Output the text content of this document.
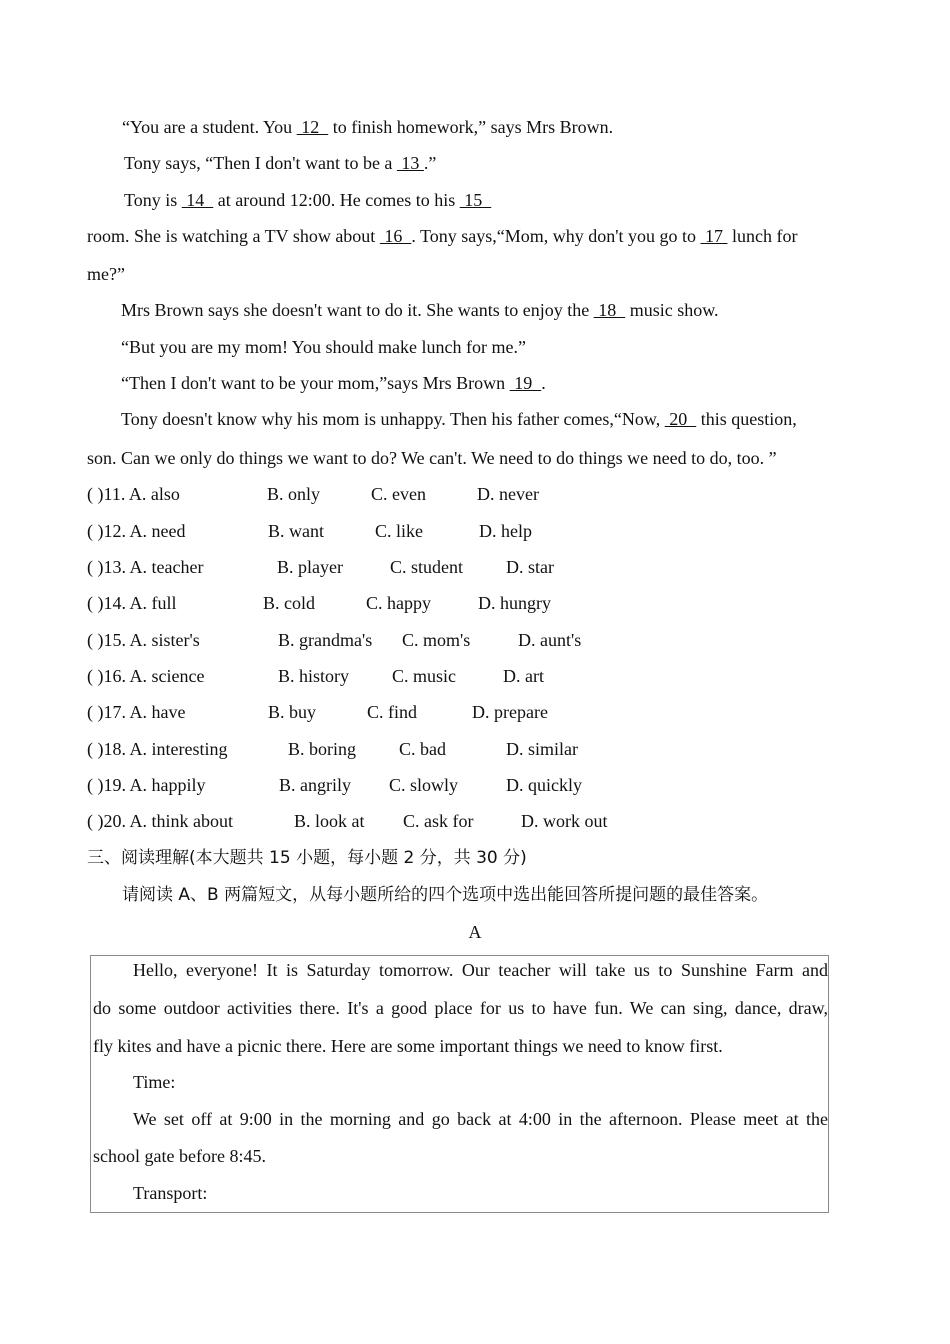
“You are a student. You  12   to finish homework,” says Mrs Brown.
Tony says, “Then I don't want to be a  13 .”
Tony is  14   at around 12:00. He comes to his  15
room. She is watching a TV show about  16  . Tony says,“Mom, why don't you go to  17  lunch for
me?”
Mrs Brown says she doesn't want to do it. She wants to enjoy the  18   music show.
“But you are my mom! You should make lunch for me.”
“Then I don't want to be your mom,”says Mrs Brown  19  .
Tony doesn't know why his mom is unhappy. Then his father comes,“Now,  20   this question,
son. Can we only do things we want to do? We can't. We need to do things we need to do, too. ”
( )11. A. also	B. only	C. even	D. never
( )12. A. need	B. want	C. like	D. help
( )13. A. teacher	B. player	C. student D. star
( )14. A. full	B. cold	C. happy	D. hungry
( )15. A. sister's	B. grandma's C. mom's	D. aunt's
( )16. A. science	B. history C. music	D. art
( )17. A. have	B. buy	C. find	D. prepare
( )18. A. interesting	B. boring C. bad	D. similar
( )19. A. happily	B. angrily C. slowly	D. quickly
( )20. A. think about	B. look at C. ask for	D. work out
三、阅读理解(本大题共 15 小题，每小题 2 分，共 30 分)
请阅读 A、B 两篇短文，从每小题所给的四个选项中选出能回答所提问题的最佳答案。
A
Hello, everyone! It is Saturday tomorrow. Our teacher will take us to Sunshine Farm and
do some outdoor activities there. It's a good place for us to have fun. We can sing, dance, draw,
fly kites and have a picnic there. Here are some important things we need to know first.
Time:
We set off at 9:00 in the morning and go back at 4:00 in the afternoon. Please meet at the
school gate before 8:45.
Transport:
